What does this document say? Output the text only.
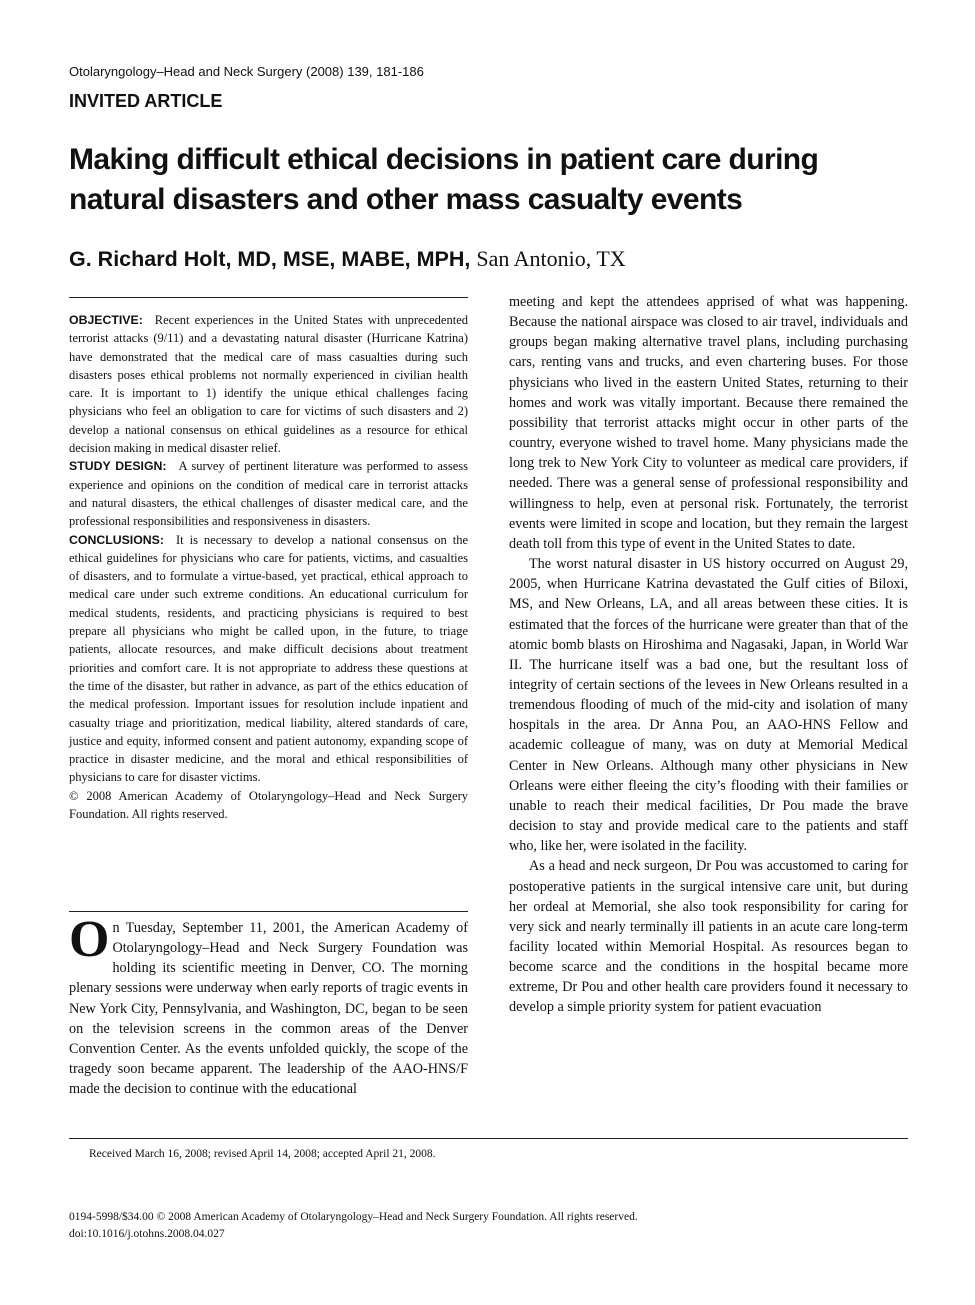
Otolaryngology–Head and Neck Surgery (2008) 139, 181-186
INVITED ARTICLE
Making difficult ethical decisions in patient care during natural disasters and other mass casualty events
G. Richard Holt, MD, MSE, MABE, MPH, San Antonio, TX

OBJECTIVE: Recent experiences in the United States with unprecedented terrorist attacks (9/11) and a devastating natural disaster (Hurricane Katrina) have demonstrated that the medical care of mass casualties during such disasters poses ethical problems not normally experienced in civilian health care. It is important to 1) identify the unique ethical challenges facing physicians who feel an obligation to care for victims of such disasters and 2) develop a national consensus on ethical guidelines as a resource for ethical decision making in medical disaster relief.

STUDY DESIGN: A survey of pertinent literature was performed to assess experience and opinions on the condition of medical care in terrorist attacks and natural disasters, the ethical challenges of disaster medical care, and the professional responsibilities and responsiveness in disasters.

CONCLUSIONS: It is necessary to develop a national consensus on the ethical guidelines for physicians who care for patients, victims, and casualties of disasters, and to formulate a virtue-based, yet practical, ethical approach to medical care under such extreme conditions. An educational curriculum for medical students, residents, and practicing physicians is required to best prepare all physicians who might be called upon, in the future, to triage patients, allocate resources, and make difficult decisions about treatment priorities and comfort care. It is not appropriate to address these questions at the time of the disaster, but rather in advance, as part of the ethics education of the medical profession. Important issues for resolution include inpatient and casualty triage and prioritization, medical liability, altered standards of care, justice and equity, informed consent and patient autonomy, expanding scope of practice in disaster medicine, and the moral and ethical responsibilities of physicians to care for disaster victims.

© 2008 American Academy of Otolaryngology–Head and Neck Surgery Foundation. All rights reserved.

On Tuesday, September 11, 2001, the American Academy of Otolaryngology–Head and Neck Surgery Foundation was holding its scientific meeting in Denver, CO. The morning plenary sessions were underway when early reports of tragic events in New York City, Pennsylvania, and Washington, DC, began to be seen on the television screens in the common areas of the Denver Convention Center. As the events unfolded quickly, the scope of the tragedy soon became apparent. The leadership of the AAO-HNS/F made the decision to continue with the educational

meeting and kept the attendees apprised of what was happening. Because the national airspace was closed to air travel, individuals and groups began making alternative travel plans, including purchasing cars, renting vans and trucks, and even chartering buses. For those physicians who lived in the eastern United States, returning to their homes and work was vitally important. Because there remained the possibility that terrorist attacks might occur in other parts of the country, everyone wished to travel home. Many physicians made the long trek to New York City to volunteer as medical care providers, if needed. There was a general sense of professional responsibility and willingness to help, even at personal risk. Fortunately, the terrorist events were limited in scope and location, but they remain the largest death toll from this type of event in the United States to date.

The worst natural disaster in US history occurred on August 29, 2005, when Hurricane Katrina devastated the Gulf cities of Biloxi, MS, and New Orleans, LA, and all areas between these cities. It is estimated that the forces of the hurricane were greater than that of the atomic bomb blasts on Hiroshima and Nagasaki, Japan, in World War II. The hurricane itself was a bad one, but the resultant loss of integrity of certain sections of the levees in New Orleans resulted in a tremendous flooding of much of the mid-city and isolation of many hospitals in the area. Dr Anna Pou, an AAO-HNS Fellow and academic colleague of many, was on duty at Memorial Medical Center in New Orleans. Although many other physicians in New Orleans were either fleeing the city’s flooding with their families or unable to reach their medical facilities, Dr Pou made the brave decision to stay and provide medical care to the patients and staff who, like her, were isolated in the facility.

As a head and neck surgeon, Dr Pou was accustomed to caring for postoperative patients in the surgical intensive care unit, but during her ordeal at Memorial, she also took responsibility for caring for very sick and nearly terminally ill patients in an acute care long-term facility located within Memorial Hospital. As resources began to become scarce and the conditions in the hospital became more extreme, Dr Pou and other health care providers found it necessary to develop a simple priority system for patient evacuation

Received March 16, 2008; revised April 14, 2008; accepted April 21, 2008.
0194-5998/$34.00 © 2008 American Academy of Otolaryngology–Head and Neck Surgery Foundation. All rights reserved.
doi:10.1016/j.otohns.2008.04.027
